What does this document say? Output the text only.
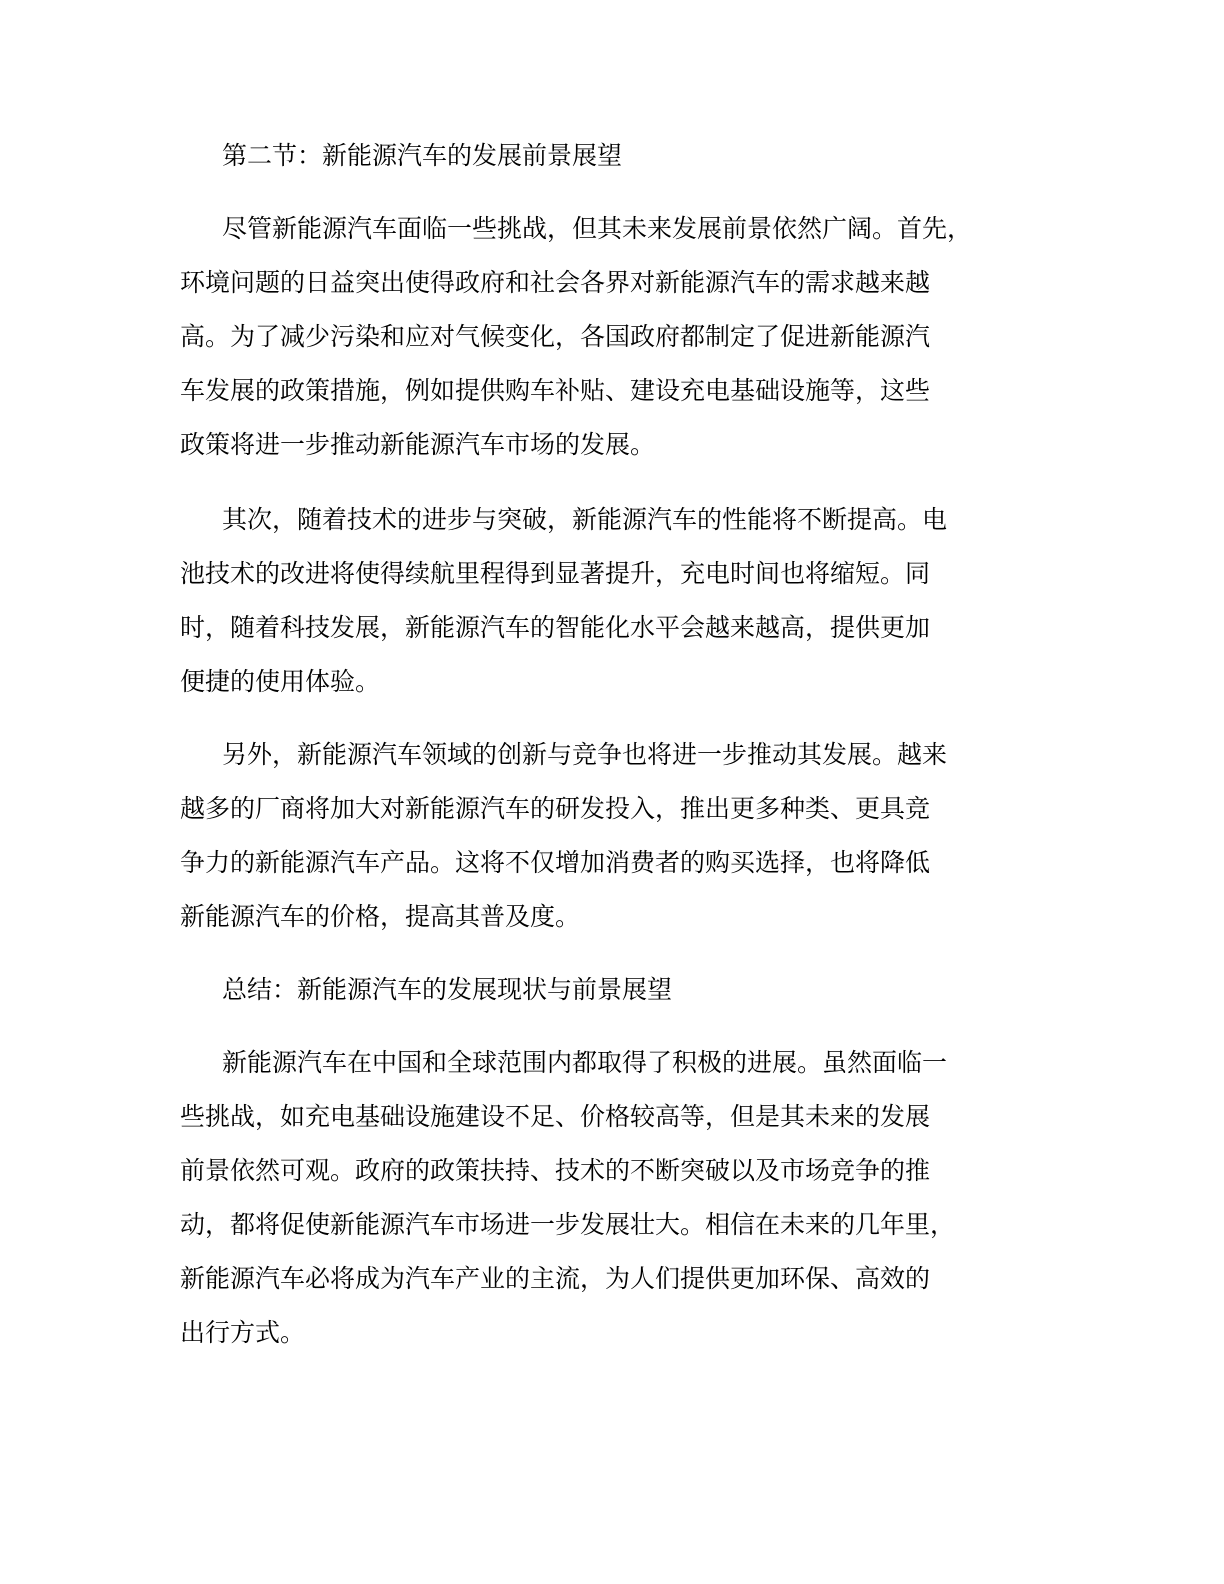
第二节：新能源汽车的发展前景展望
尽管新能源汽车面临一些挑战，但其未来发展前景依然广阔。首先，
环境问题的日益突出使得政府和社会各界对新能源汽车的需求越来越
高。为了减少污染和应对气候变化，各国政府都制定了促进新能源汽
车发展的政策措施，例如提供购车补贴、建设充电基础设施等，这些
政策将进一步推动新能源汽车市场的发展。
其次，随着技术的进步与突破，新能源汽车的性能将不断提高。电
池技术的改进将使得续航里程得到显著提升，充电时间也将缩短。同
时，随着科技发展，新能源汽车的智能化水平会越来越高，提供更加
便捷的使用体验。
另外，新能源汽车领域的创新与竞争也将进一步推动其发展。越来
越多的厂商将加大对新能源汽车的研发投入，推出更多种类、更具竞
争力的新能源汽车产品。这将不仅增加消费者的购买选择，也将降低
新能源汽车的价格，提高其普及度。
总结：新能源汽车的发展现状与前景展望
新能源汽车在中国和全球范围内都取得了积极的进展。虽然面临一
些挑战，如充电基础设施建设不足、价格较高等，但是其未来的发展
前景依然可观。政府的政策扶持、技术的不断突破以及市场竞争的推
动，都将促使新能源汽车市场进一步发展壮大。相信在未来的几年里，
新能源汽车必将成为汽车产业的主流，为人们提供更加环保、高效的
出行方式。
